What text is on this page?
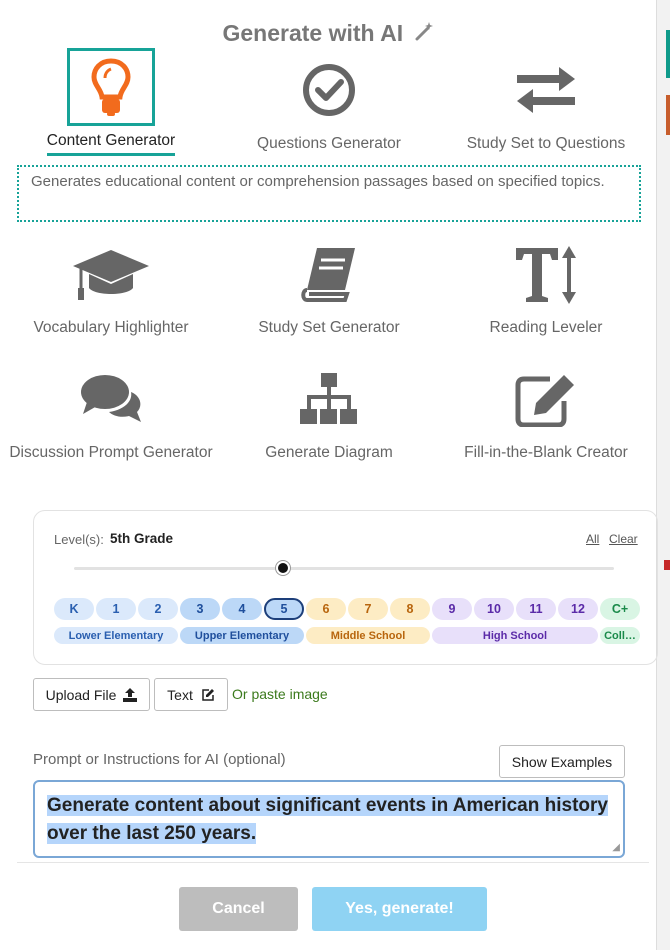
Generate with AI
Content Generator	Questions Generator	Study Set to Questions
Generates educational content or comprehension passages based on specified topics.
Vocabulary Highlighter	Study Set Generator	Reading Leveler
Discussion Prompt Generator	Generate Diagram	Fill-in-the-Blank Creator
Level(s): 5th Grade	All Clear
K	1	2	3	4	5	6	7	8	9	10	11	12	C+
Lower Elementary	Upper Elementary	Middle School	High School	Coll…
Upload File	Text	Or paste image
Prompt or Instructions for AI (optional)	Show Examples
Generate content about significant events in American history over the last 250 years.
◢
Cancel	Yes, generate!
